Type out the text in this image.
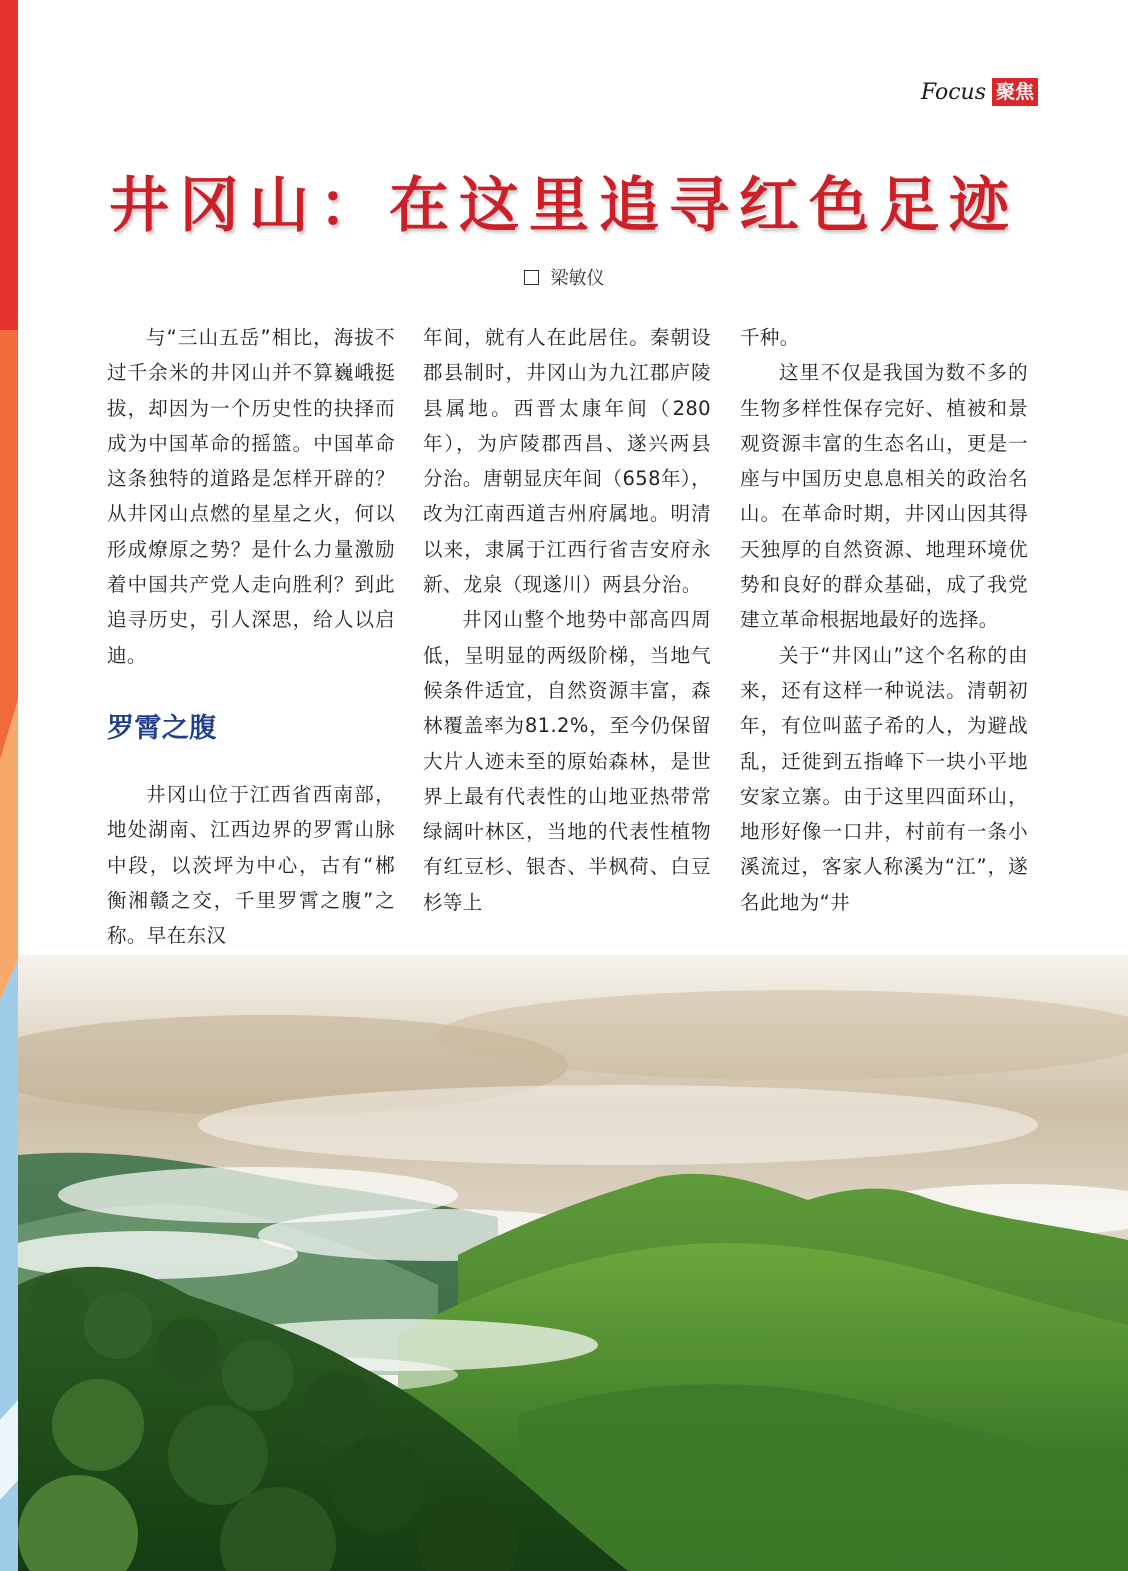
Focus 聚焦
井冈山：在这里追寻红色足迹
梁敏仪

与“三山五岳”相比，海拔不过千余米的井冈山并不算巍峨挺拔，却因为一个历史性的抉择而成为中国革命的摇篮。中国革命这条独特的道路是怎样开辟的？从井冈山点燃的星星之火，何以形成燎原之势？是什么力量激励着中国共产党人走向胜利？到此追寻历史，引人深思，给人以启迪。

罗霄之腹

井冈山位于江西省西南部，地处湖南、江西边界的罗霄山脉中段，以茨坪为中心，古有“郴衡湘赣之交，千里罗霄之腹”之称。早在东汉

年间，就有人在此居住。秦朝设郡县制时，井冈山为九江郡庐陵县属地。西晋太康年间（280年），为庐陵郡西昌、遂兴两县分治。唐朝显庆年间（658年），改为江南西道吉州府属地。明清以来，隶属于江西行省吉安府永新、龙泉（现遂川）两县分治。

井冈山整个地势中部高四周低，呈明显的两级阶梯，当地气候条件适宜，自然资源丰富，森林覆盖率为81.2%，至今仍保留大片人迹未至的原始森林，是世界上最有代表性的山地亚热带常绿阔叶林区，当地的代表性植物有红豆杉、银杏、半枫荷、白豆杉等上

千种。

这里不仅是我国为数不多的生物多样性保存完好、植被和景观资源丰富的生态名山，更是一座与中国历史息息相关的政治名山。在革命时期，井冈山因其得天独厚的自然资源、地理环境优势和良好的群众基础，成了我党建立革命根据地最好的选择。

关于“井冈山”这个名称的由来，还有这样一种说法。清朝初年，有位叫蓝子希的人，为避战乱，迁徙到五指峰下一块小平地安家立寨。由于这里四面环山，地形好像一口井，村前有一条小溪流过，客家人称溪为“江”，遂名此地为“井
